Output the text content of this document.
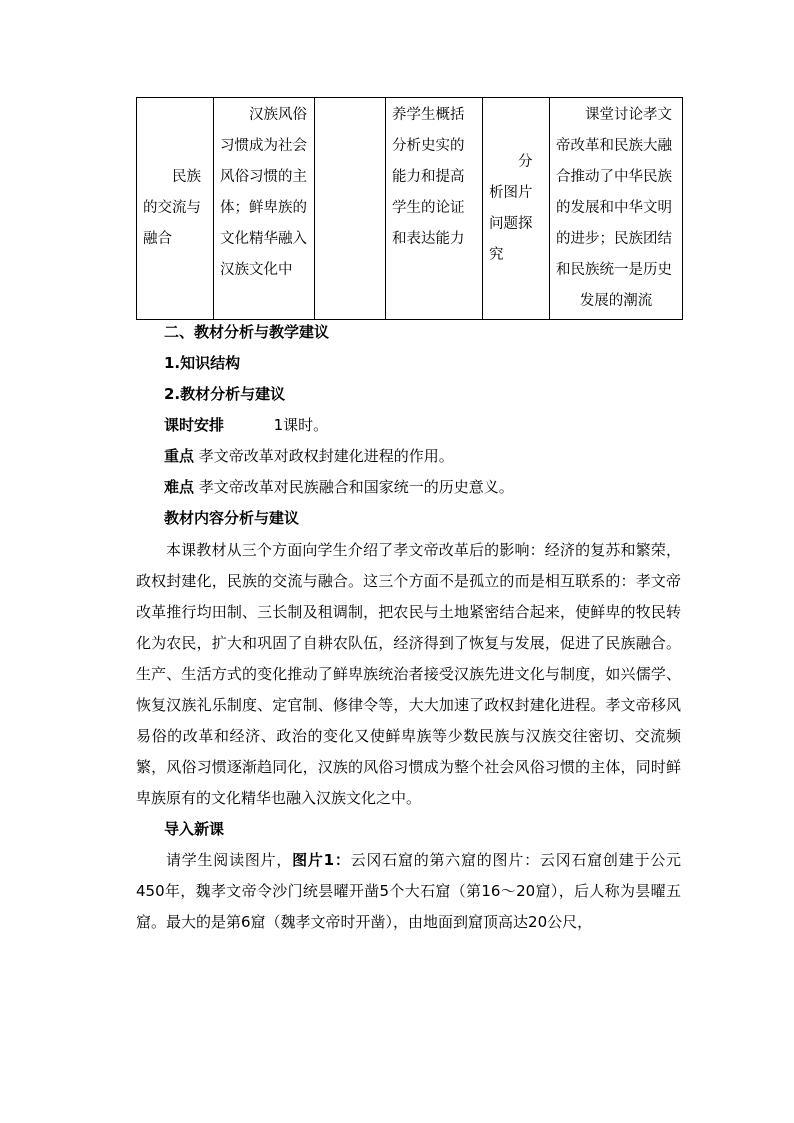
民族的交流与融合	汉族风俗习惯成为社会风俗习惯的主体；鲜卑族的文化精华融入汉族文化中		养学生概括分析史实的能力和提高学生的论证和表达能力	分析图片问题探究	课堂讨论孝文帝改革和民族大融合推动了中华民族的发展和中华文明的进步；民族团结和民族统一是历史发展的潮流
二、教材分析与教学建议
1.知识结构
2.教材分析与建议
课时安排	1课时。
重点 孝文帝改革对政权封建化进程的作用。
难点 孝文帝改革对民族融合和国家统一的历史意义。
教材内容分析与建议
本课教材从三个方面向学生介绍了孝文帝改革后的影响：经济的复苏和繁荣，政权封建化，民族的交流与融合。这三个方面不是孤立的而是相互联系的：孝文帝改革推行均田制、三长制及租调制，把农民与土地紧密结合起来，使鲜卑的牧民转化为农民，扩大和巩固了自耕农队伍，经济得到了恢复与发展，促进了民族融合。生产、生活方式的变化推动了鲜卑族统治者接受汉族先进文化与制度，如兴儒学、恢复汉族礼乐制度、定官制、修律令等，大大加速了政权封建化进程。孝文帝移风易俗的改革和经济、政治的变化又使鲜卑族等少数民族与汉族交往密切、交流频繁，风俗习惯逐渐趋同化，汉族的风俗习惯成为整个社会风俗习惯的主体，同时鲜卑族原有的文化精华也融入汉族文化之中。
导入新课
请学生阅读图片，图片1：云冈石窟的第六窟的图片：云冈石窟创建于公元450年，魏孝文帝令沙门统昙曜开凿5个大石窟（第16～20窟），后人称为昙曜五窟。最大的是第6窟（魏孝文帝时开凿），由地面到窟顶高达20公尺，
